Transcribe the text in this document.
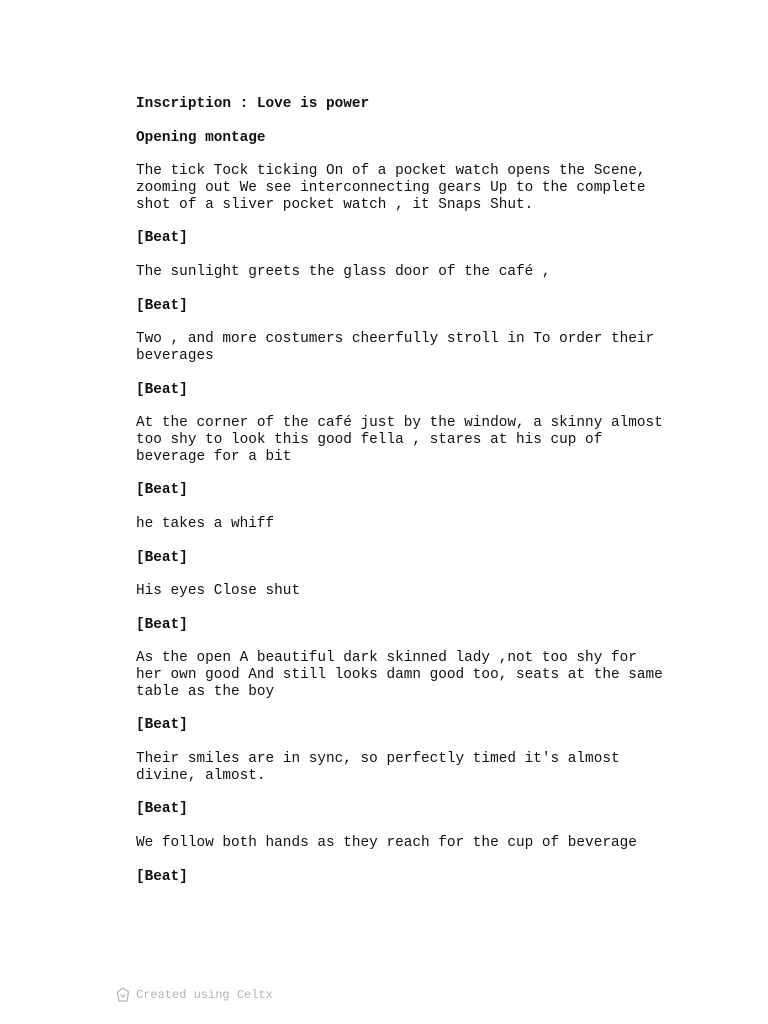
Inscription : Love is power
Opening montage
The tick Tock ticking On of a pocket watch opens the Scene,
zooming out We see interconnecting gears Up to the complete
shot of a sliver pocket watch , it Snaps Shut.
[Beat]
The sunlight greets the glass door of the café ,
[Beat]
Two , and more costumers cheerfully stroll in To order their
beverages
[Beat]
At the corner of the café just by the window, a skinny almost
too shy to look this good fella , stares at his cup of
beverage for a bit
[Beat]
he takes a whiff
[Beat]
His eyes Close shut
[Beat]
As the open A beautiful dark skinned lady ,not too shy for
her own good And still looks damn good too, seats at the same
table as the boy
[Beat]
Their smiles are in sync, so perfectly timed it's almost
divine, almost.
[Beat]
We follow both hands as they reach for the cup of beverage
[Beat]
Created using Celtx
